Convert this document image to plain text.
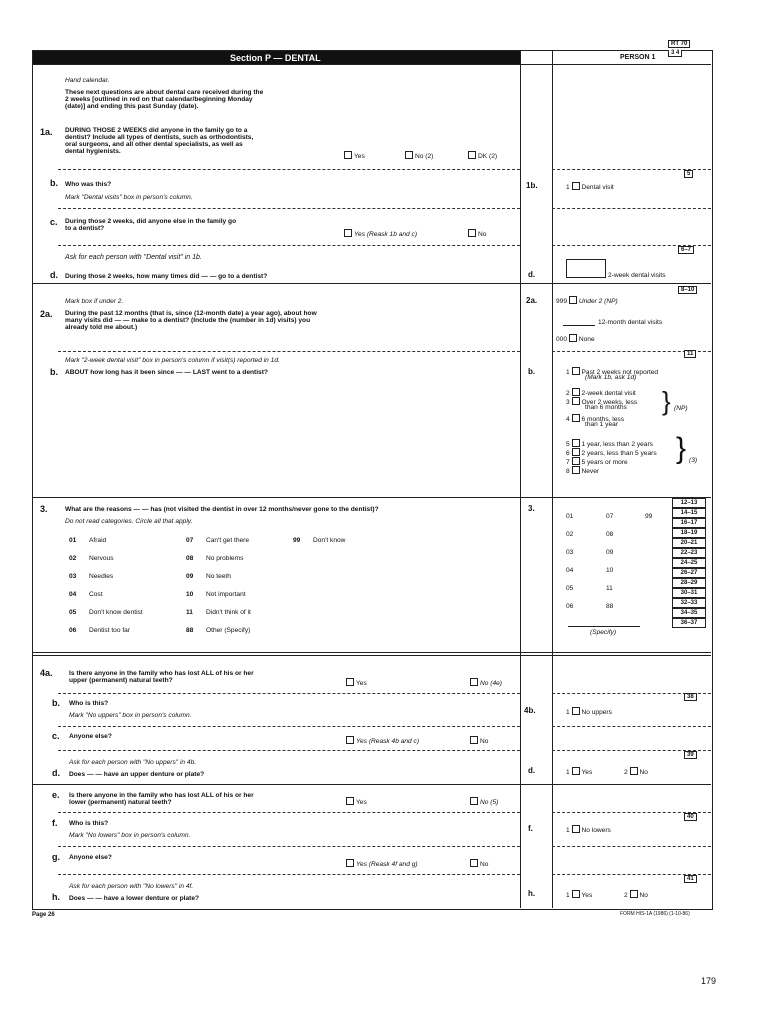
RT 70
3 4
Section P — DENTAL	PERSON 1
Hand calendar.
These next questions are about dental care received during the
2 weeks [outlined in red on that calendar/beginning Monday
(date)] and ending this past Sunday (date).
1a. DURING THOSE 2 WEEKS did anyone in the family go to a
dentist? Include all types of dentists, such as orthodontists,
oral surgeons, and all other dental specialists, as well as
dental hygienists.
Yes	No (2)	DK (2)
b. Who was this?
Mark "Dental visits" box in person's column.
1b.	1 Dental visit
5
c. During those 2 weeks, did anyone else in the family go
to a dentist?
Yes (Reask 1b and c)	No
Ask for each person with "Dental visit" in 1b.
d. During those 2 weeks, how many times did — — go to a dentist?	d.	2-week dental visits
6–7
Mark box if under 2.
2a. During the past 12 months (that is, since (12-month date) a year ago), about how
many visits did — — make to a dentist? (Include the (number in 1d) visits) you
already told me about.)
2a.	999 Under 2 (NP)
12-month dental visits
000 None
8–10
Mark "2-week dental visit" box in person's column if visit(s) reported in 1d.
b. ABOUT how long has it been since — — LAST went to a dentist?	b.
11
1 Past 2 weeks not reported
(Mark 1b, ask 1d)
2 2-week dental visit
3 Over 2 weeks, less
than 6 months
4 6 months, less
than 1 year
} (NP)
5 1 year, less than 2 years
6 2 years, less than 5 years
7 5 years or more
8 Never
} (3)
3.	What are the reasons — — has (not visited the dentist in over 12 months/never gone to the dentist)?
Do not read categories. Circle all that apply.
3.
01 Afraid
02 Nervous
03 Needles
04 Cost
05 Don't know dentist
06 Dentist too far
07 Can't get there
08 No problems
09 No teeth
10 Not important
11 Didn't think of it
88 Other (Specify)
99 Don't know
01	07	99
02	08
03	09
04	10
05	11
06	88
(Specify)
12–13
14–15
16–17
18–19
20–21
22–23
24–25
26–27
28–29
30–31
32–33
34–35
36–37
4a. Is there anyone in the family who has lost ALL of his or her
upper (permanent) natural teeth?	Yes	No (4e)
b. Who is this?
Mark "No uppers" box in person's column.
4b.	1 No uppers
38
c. Anyone else?
Yes (Reask 4b and c)	No
Ask for each person with "No uppers" in 4b.
d. Does — — have an upper denture or plate?	d.	1 Yes	2 No
39
e. Is there anyone in the family who has lost ALL of his or her
lower (permanent) natural teeth?	Yes	No (5)
f. Who is this?
Mark "No lowers" box in person's column.
f.	1 No lowers
40
g. Anyone else?
Yes (Reask 4f and g)	No
Ask for each person with "No lowers" in 4f.
h. Does — — have a lower denture or plate?
h.	1 Yes	2 No
41
Page 26	FORM HIS-1A (1986) (1-10-86)
179
